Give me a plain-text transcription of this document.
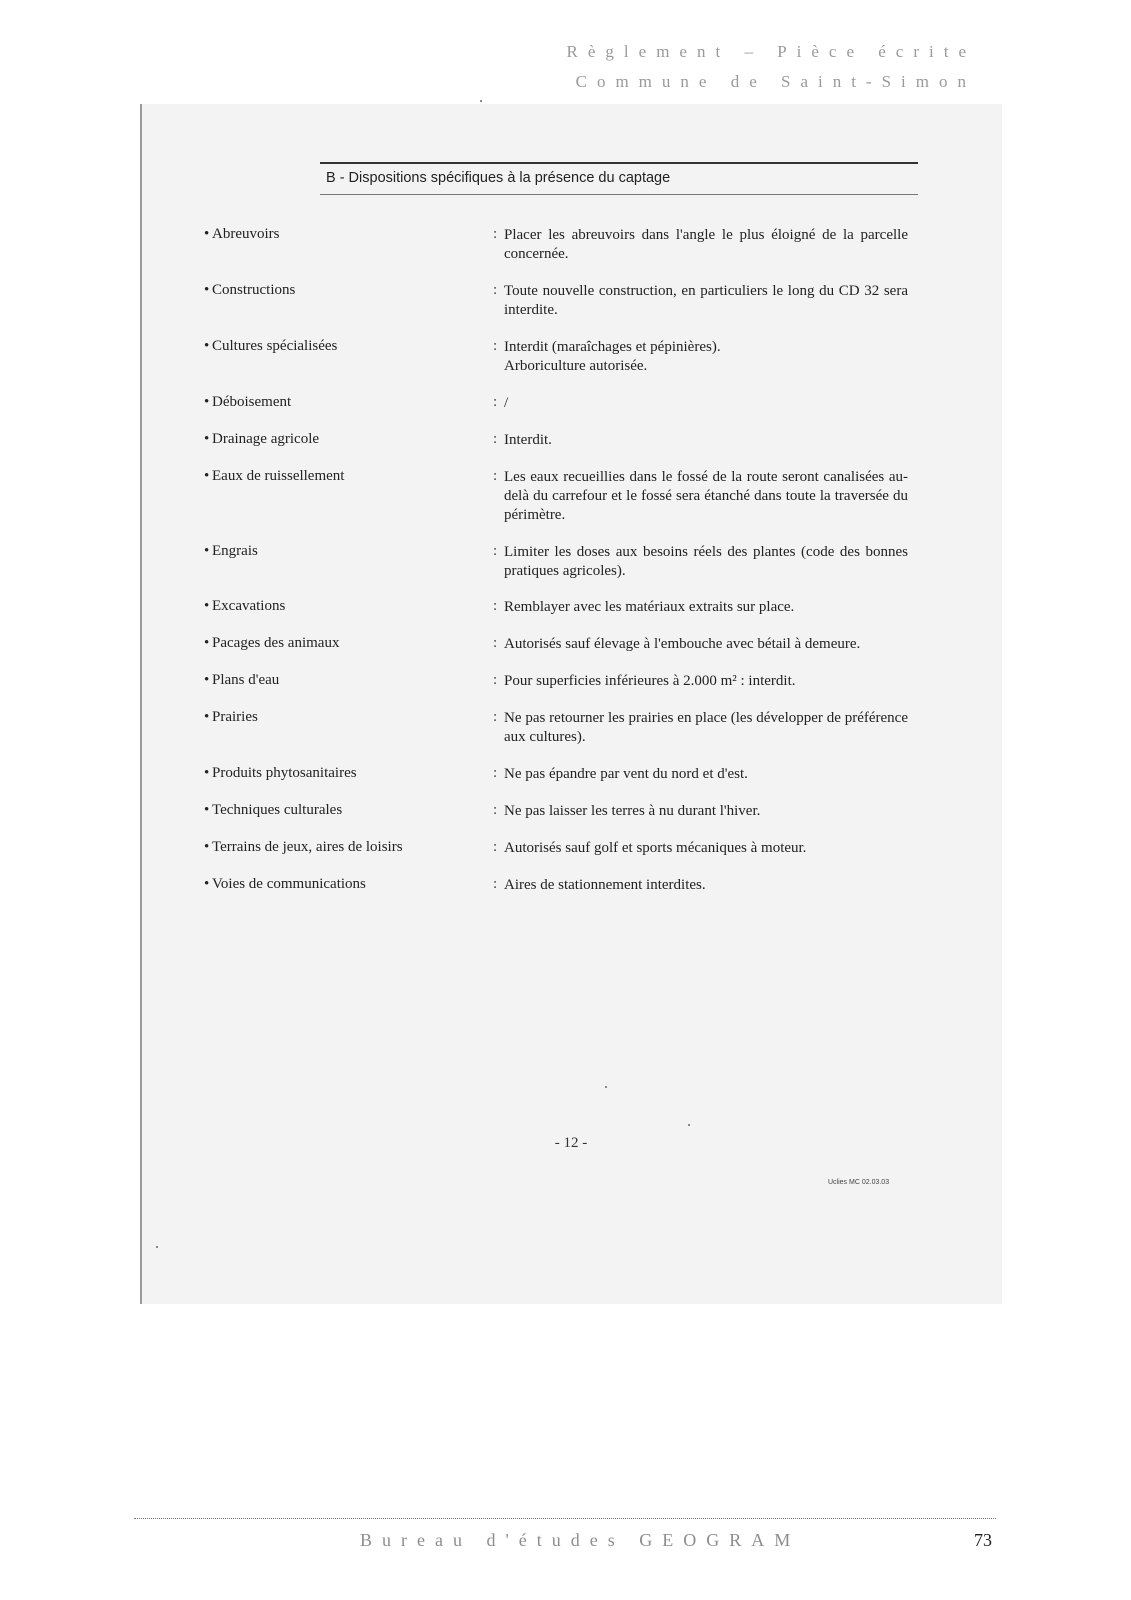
Règlement – Pièce écrite
Commune de Saint-Simon
B - Dispositions spécifiques à la présence du captage
• Abreuvoirs	: Placer les abreuvoirs dans l'angle le plus éloigné de la parcelle concernée.
• Constructions	: Toute nouvelle construction, en particuliers le long du CD 32 sera interdite.
• Cultures spécialisées	: Interdit (maraîchages et pépinières).
Arboriculture autorisée.
• Déboisement	: /
• Drainage agricole	: Interdit.
• Eaux de ruissellement	: Les eaux recueillies dans le fossé de la route seront canalisées au-delà du carrefour et le fossé sera étanché dans toute la traversée du périmètre.
• Engrais	: Limiter les doses aux besoins réels des plantes (code des bonnes pratiques agricoles).
• Excavations	: Remblayer avec les matériaux extraits sur place.
• Pacages des animaux	: Autorisés sauf élevage à l'embouche avec bétail à demeure.
• Plans d'eau	: Pour superficies inférieures à 2.000 m² : interdit.
• Prairies	: Ne pas retourner les prairies en place (les développer de préférence aux cultures).
• Produits phytosanitaires	: Ne pas épandre par vent du nord et d'est.
• Techniques culturales	: Ne pas laisser les terres à nu durant l'hiver.
• Terrains de jeux, aires de loisirs	: Autorisés sauf golf et sports mécaniques à moteur.
• Voies de communications	: Aires de stationnement interdites.
- 12 -
Uclies MC 02.03.03
Bureau d'études GEOGRAM	73
